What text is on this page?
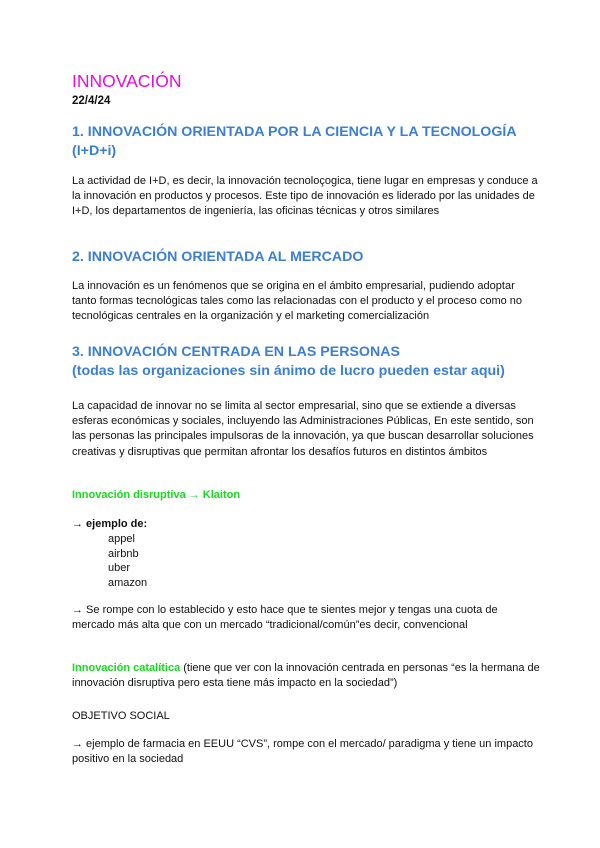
INNOVACIÓN

22/4/24

1. INNOVACIÓN ORIENTADA POR LA CIENCIA Y LA TECNOLOGÍA
(I+D+i)

La actividad de I+D, es decir, la innovación tecnoloçogica, tiene lugar en empresas y conduce a la innovación en productos y procesos. Este tipo de innovación es liderado por las unidades de I+D, los departamentos de ingeniería, las oficinas técnicas y otros similares

2. INNOVACIÓN ORIENTADA AL MERCADO

La innovación es un fenómenos que se origina en el ámbito empresarial, pudiendo adoptar tanto formas tecnológicas tales como las relacionadas con el producto y el proceso como no tecnológicas centrales en la organización y el marketing comercialización

3. INNOVACIÓN CENTRADA EN LAS PERSONAS
(todas las organizaciones sin ánimo de lucro pueden estar aqui)

La capacidad de innovar no se limita al sector empresarial, sino que se extiende a diversas esferas económicas y sociales, incluyendo las Administraciones Públicas, En este sentido, son las personas las principales impulsoras de la innovación, ya que buscan desarrollar soluciones creativas y disruptivas que permitan afrontar los desafíos futuros en distintos ámbitos

Innovación disruptiva → Klaiton

→ ejemplo de:

appel
airbnb
uber
amazon

→ Se rompe con lo establecido y esto hace que te sientes mejor y tengas una cuota de mercado más alta que con un mercado “tradicional/común”es decir, convencional

Innovación catalítica (tiene que ver con la innovación centrada en personas “es la hermana de innovación disruptiva pero esta tiene más impacto en la sociedad”)

OBJETIVO SOCIAL

→ ejemplo de farmacia en EEUU “CVS”, rompe con el mercado/ paradigma y tiene un impacto positivo en la sociedad
